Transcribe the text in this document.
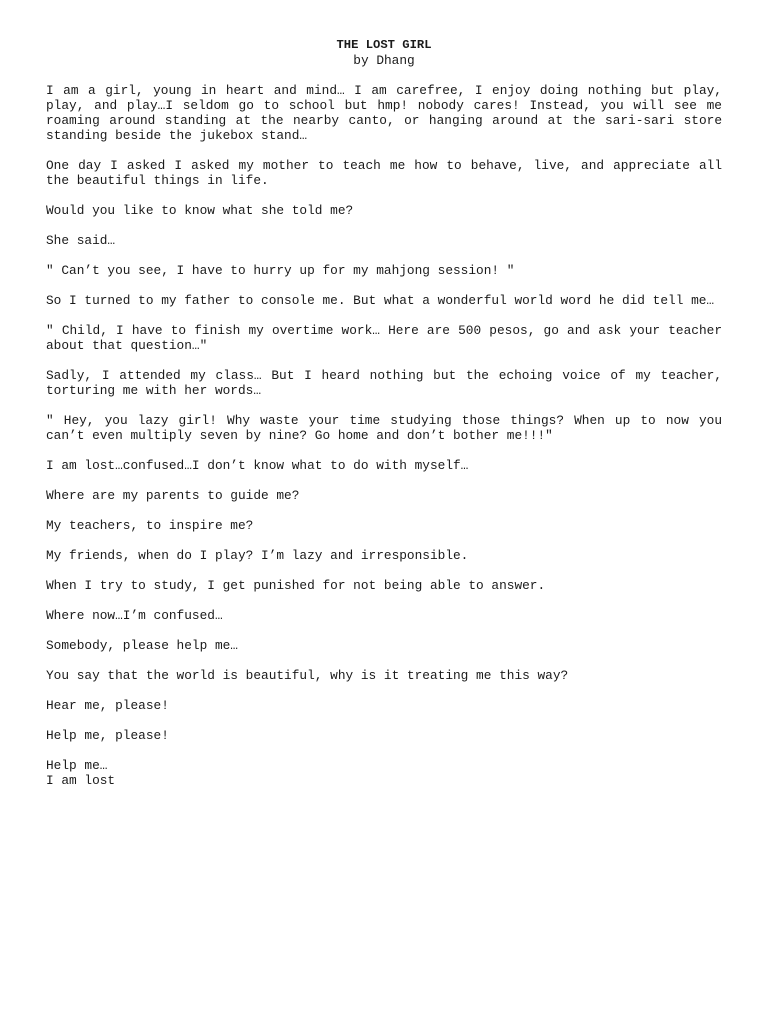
THE LOST GIRL

by Dhang

I am a girl, young in heart and mind… I am carefree, I enjoy doing nothing but play, play, and play…I seldom go to school but hmp! nobody cares! Instead, you will see me roaming around standing at the nearby canto, or hanging around at the sari-sari store standing beside the jukebox stand…

One day I asked I asked my mother to teach me how to behave, live, and appreciate all the beautiful things in life.

Would you like to know what she told me?

She said…

" Can’t you see, I have to hurry up for my mahjong session! "

So I turned to my father to console me. But what a wonderful world word he did tell me…

" Child, I have to finish my overtime work… Here are 500 pesos, go and ask your teacher about that question…"

Sadly, I attended my class… But I heard nothing but the echoing voice of my teacher, torturing me with her words…

" Hey, you lazy girl! Why waste your time studying those things? When up to now you can’t even multiply seven by nine? Go home and don’t bother me!!!"

I am lost…confused…I don’t know what to do with myself…

Where are my parents to guide me?

My teachers, to inspire me?

My friends, when do I play? I’m lazy and irresponsible.

When I try to study, I get punished for not being able to answer.

Where now…I’m confused…

Somebody, please help me…

You say that the world is beautiful, why is it treating me this way?

Hear me, please!

Help me, please!

Help me…

I am lost
